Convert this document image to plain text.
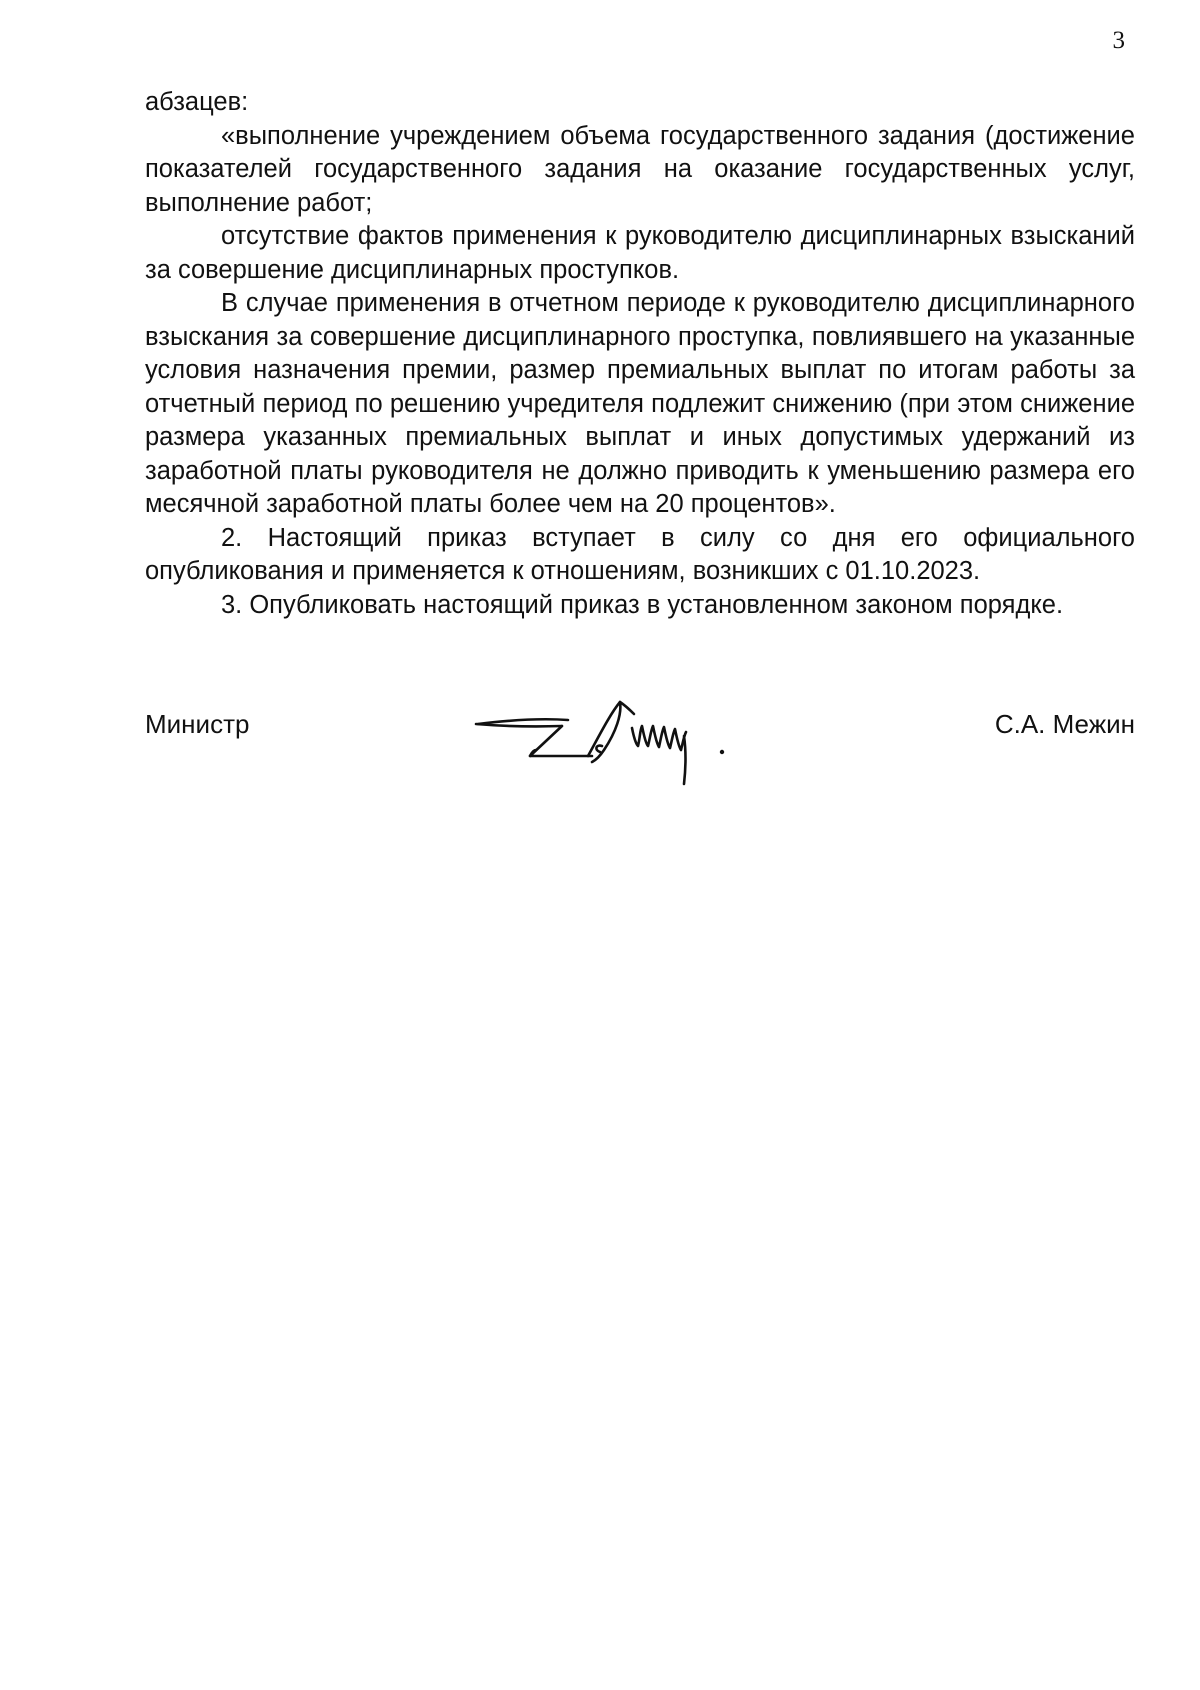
3

абзацев:

«выполнение учреждением объема государственного задания (достижение показателей государственного задания на оказание государственных услуг, выполнение работ;

отсутствие фактов применения к руководителю дисциплинарных взысканий за совершение дисциплинарных проступков.

В случае применения в отчетном периоде к руководителю дисциплинарного взыскания за совершение дисциплинарного проступка, повлиявшего на указанные условия назначения премии, размер премиальных выплат по итогам работы за отчетный период по решению учредителя подлежит снижению (при этом снижение размера указанных премиальных выплат и иных допустимых удержаний из заработной платы руководителя не должно приводить к уменьшению размера его месячной заработной платы более чем на 20 процентов».

2. Настоящий приказ вступает в силу со дня его официального опубликования и применяется к отношениям, возникших с 01.10.2023.

3. Опубликовать настоящий приказ в установленном законом порядке.

Министр	С.А. Межин
